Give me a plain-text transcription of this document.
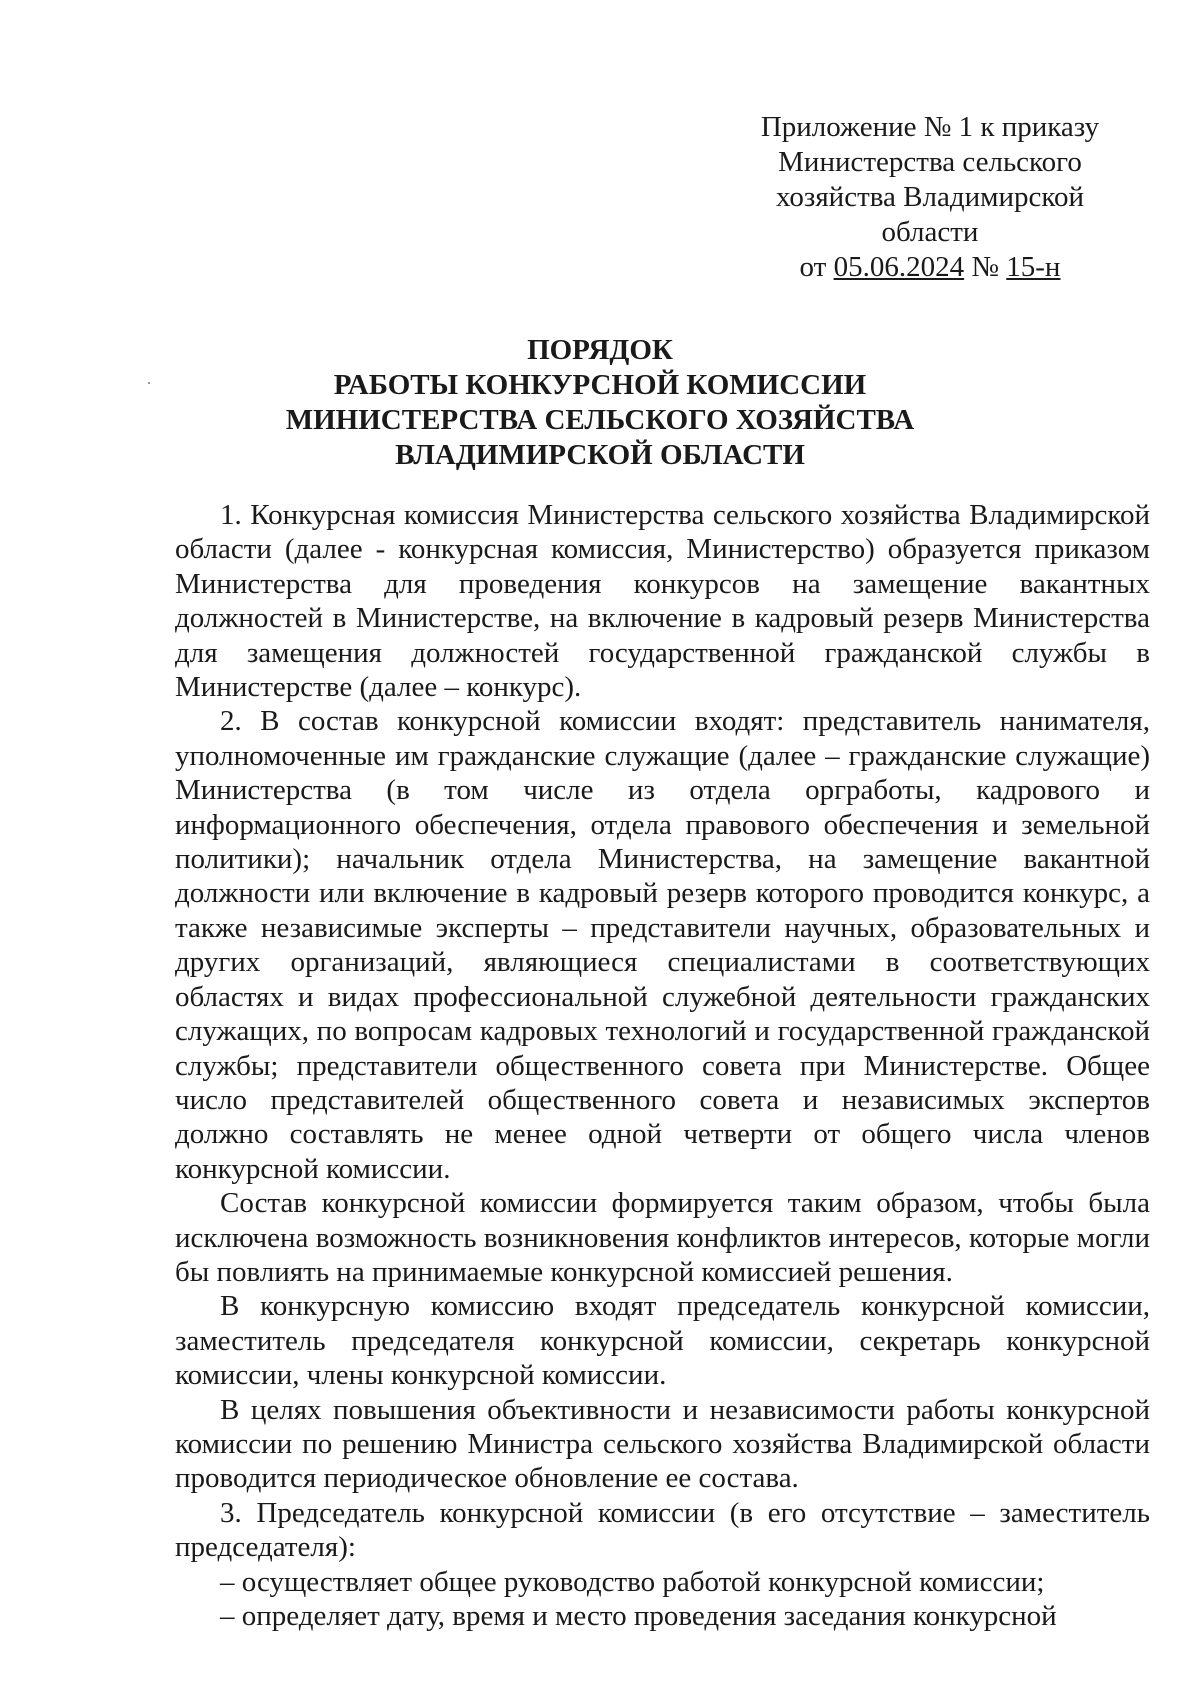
Приложение № 1 к приказу
Министерства сельского
хозяйства Владимирской
области
от 05.06.2024 № 15-н
ПОРЯДОК
РАБОТЫ КОНКУРСНОЙ КОМИССИИ
МИНИСТЕРСТВА СЕЛЬСКОГО ХОЗЯЙСТВА
ВЛАДИМИРСКОЙ ОБЛАСТИ

1. Конкурсная комиссия Министерства сельского хозяйства Владимирской области (далее - конкурсная комиссия, Министерство) образуется приказом Министерства для проведения конкурсов на замещение вакантных должностей в Министерстве, на включение в кадровый резерв Министерства для замещения должностей государственной гражданской службы в Министерстве (далее – конкурс).

2. В состав конкурсной комиссии входят: представитель нанимателя, уполномоченные им гражданские служащие (далее – гражданские служащие) Министерства (в том числе из отдела оргработы, кадрового и информационного обеспечения, отдела правового обеспечения и земельной политики); начальник отдела Министерства, на замещение вакантной должности или включение в кадровый резерв которого проводится конкурс, а также независимые эксперты – представители научных, образовательных и других организаций, являющиеся специалистами в соответствующих областях и видах профессиональной служебной деятельности гражданских служащих, по вопросам кадровых технологий и государственной гражданской службы; представители общественного совета при Министерстве. Общее число представителей общественного совета и независимых экспертов должно составлять не менее одной четверти от общего числа членов конкурсной комиссии.

Состав конкурсной комиссии формируется таким образом, чтобы была исключена возможность возникновения конфликтов интересов, которые могли бы повлиять на принимаемые конкурсной комиссией решения.

В конкурсную комиссию входят председатель конкурсной комиссии, заместитель председателя конкурсной комиссии, секретарь конкурсной комиссии, члены конкурсной комиссии.

В целях повышения объективности и независимости работы конкурсной комиссии по решению Министра сельского хозяйства Владимирской области проводится периодическое обновление ее состава.

3. Председатель конкурсной комиссии (в его отсутствие – заместитель председателя):

– осуществляет общее руководство работой конкурсной комиссии;

– определяет дату, время и место проведения заседания конкурсной
